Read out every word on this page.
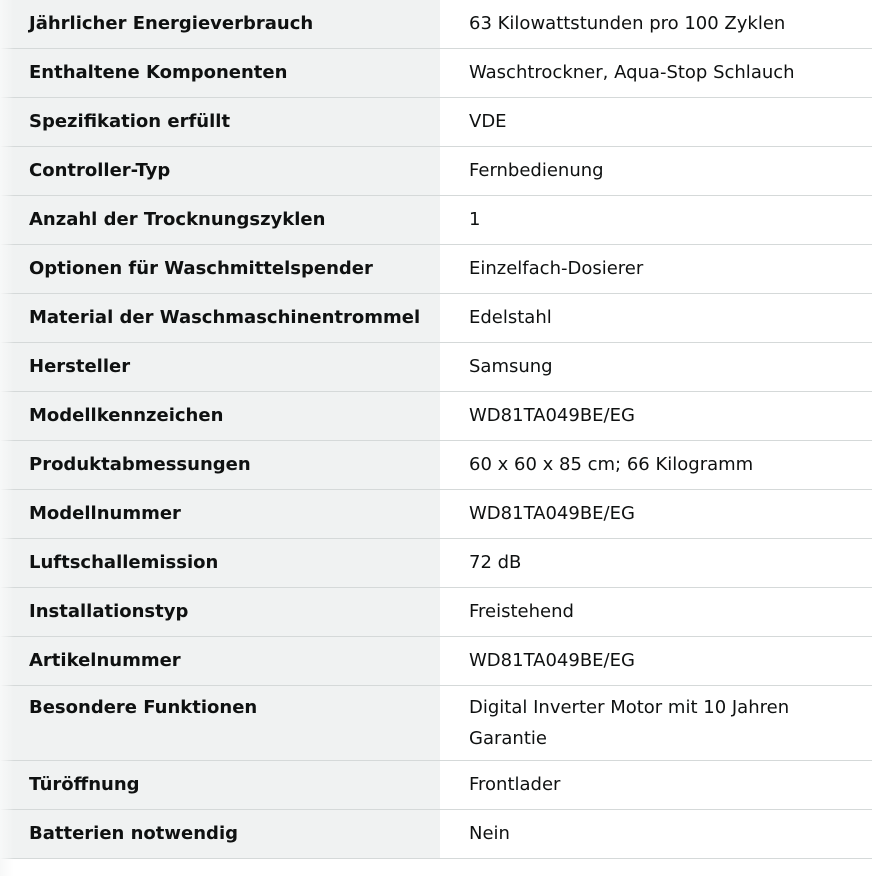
Jährlicher Energieverbrauch	63 Kilowattstunden pro 100 Zyklen
Enthaltene Komponenten	Waschtrockner, Aqua-Stop Schlauch
Spezifikation erfüllt	VDE
Controller-Typ	Fernbedienung
Anzahl der Trocknungszyklen	1
Optionen für Waschmittelspender	Einzelfach-Dosierer
Material der Waschmaschinentrommel	Edelstahl
Hersteller	Samsung
Modellkennzeichen	WD81TA049BE/EG
Produktabmessungen	60 x 60 x 85 cm; 66 Kilogramm
Modellnummer	WD81TA049BE/EG
Luftschallemission	72 dB
Installationstyp	Freistehend
Artikelnummer	WD81TA049BE/EG
Besondere Funktionen	Digital Inverter Motor mit 10 Jahren Garantie
Türöffnung	Frontlader
Batterien notwendig	Nein
